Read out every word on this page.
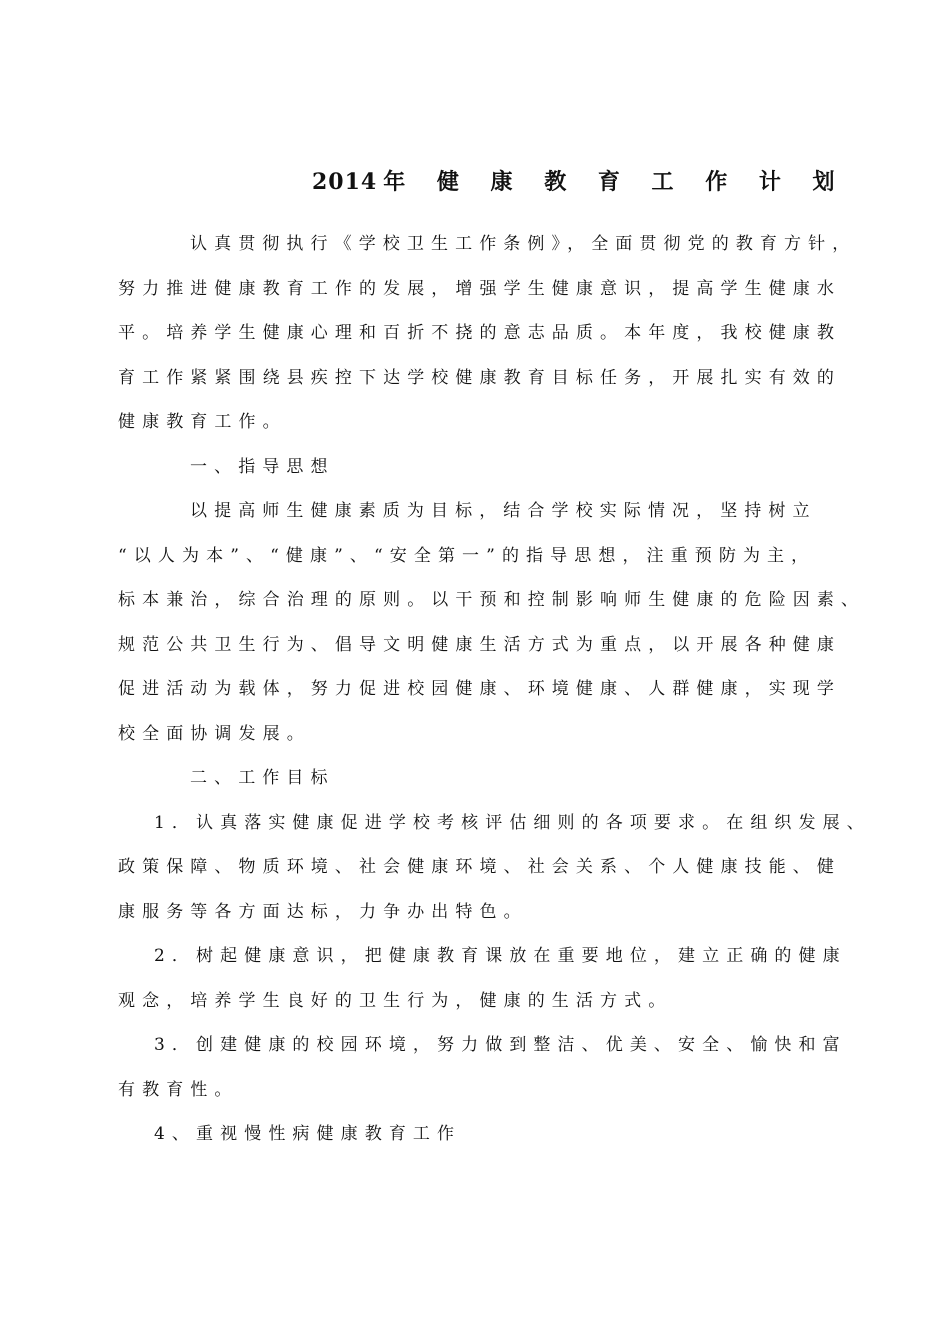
2014 年 健 康 教 育 工 作 计 划
认真贯彻执行《学校卫生工作条例》，全面贯彻党的教育方针，
努力推进健康教育工作的发展，增强学生健康意识，提高学生健康水
平。培养学生健康心理和百折不挠的意志品质。本年度，我校健康教
育工作紧紧围绕县疾控下达学校健康教育目标任务，开展扎实有效的
健康教育工作。
一、指导思想
以提高师生健康素质为目标，结合学校实际情况，坚持树立
“以人为本”、“健康”、“安全第一”的指导思想，注重预防为主，
标本兼治，综合治理的原则。以干预和控制影响师生健康的危险因素、
规范公共卫生行为、倡导文明健康生活方式为重点，以开展各种健康
促进活动为载体，努力促进校园健康、环境健康、人群健康，实现学
校全面协调发展。
二、工作目标
1．认真落实健康促进学校考核评估细则的各项要求。在组织发展、
政策保障、物质环境、社会健康环境、社会关系、个人健康技能、健
康服务等各方面达标，力争办出特色。
2．树起健康意识，把健康教育课放在重要地位，建立正确的健康
观念，培养学生良好的卫生行为，健康的生活方式。
3．创建健康的校园环境，努力做到整洁、优美、安全、愉快和富
有教育性。
4、重视慢性病健康教育工作
